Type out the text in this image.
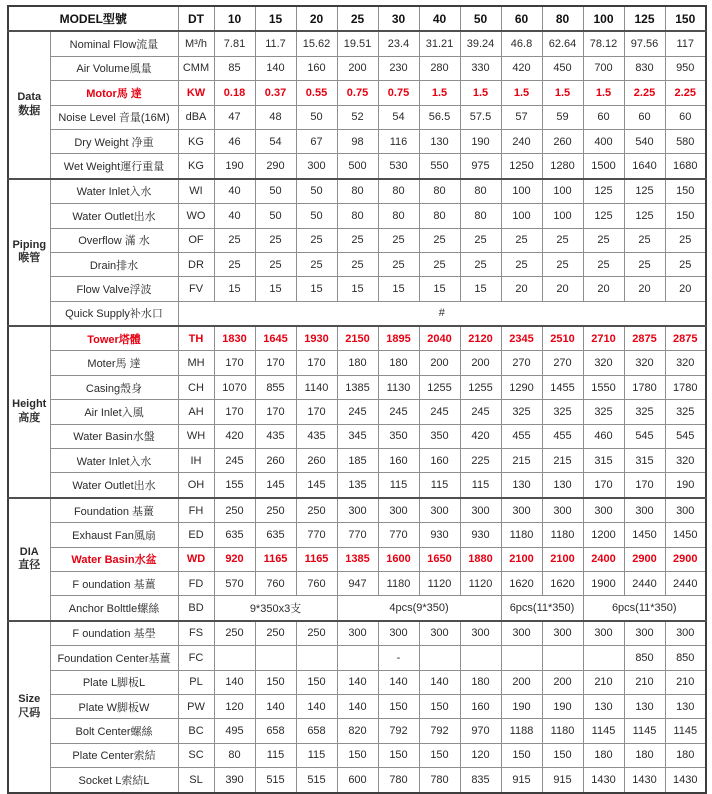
MODEL型號		DT	10	15	20	25	30	40	50	60	80	100	125	150

Data
数据	Nominal Flow流量	M³/h	7.81	11.7	15.62	19.51	23.4	31.21	39.24	46.8	62.64	78.12	97.56	117
	Air Volume風量	CMM	85	140	160	200	230	280	330	420	450	700	830	950
	Motor馬 達	KW	0.18	0.37	0.55	0.75	0.75	1.5	1.5	1.5	1.5	1.5	2.25	2.25
	Noise Level 音量(16M)	dBA	47	48	50	52	54	56.5	57.5	57	59	60	60	60
	Dry Weight 净重	KG	46	54	67	98	116	130	190	240	260	400	540	580
	Wet Weight運行重量	KG	190	290	300	500	530	550	975	1250	1280	1500	1640	1680

Piping
喉管	Water Inlet入水	WI	40	50	50	80	80	80	80	100	100	125	125	150
	Water Outlet出水	WO	40	50	50	80	80	80	80	100	100	125	125	150
	Overflow 滿 水	OF	25	25	25	25	25	25	25	25	25	25	25	25
	Drain排水	DR	25	25	25	25	25	25	25	25	25	25	25	25
	Flow Valve浮波	FV	15	15	15	15	15	15	15	20	20	20	20	20
	Quick Supply补水口	#												

Height
高度	Tower塔體	TH	1830	1645	1930	2150	1895	2040	2120	2345	2510	2710	2875	2875
	Moter馬 達	MH	170	170	170	180	180	200	200	270	270	320	320	320
	Casing殼身	CH	1070	855	1140	1385	1130	1255	1255	1290	1455	1550	1780	1780
	Air Inlet入風	AH	170	170	170	245	245	245	245	325	325	325	325	325
	Water Basin水盤	WH	420	435	435	345	350	350	420	455	455	460	545	545
	Water Inlet入水	IH	245	260	260	185	160	160	225	215	215	315	315	320
	Water Outlet出水	OH	155	145	145	135	115	115	115	130	130	170	170	190

DIA
直径	Foundation 基薑	FH	250	250	250	300	300	300	300	300	300	300	300	300
	Exhaust Fan風扇	ED	635	635	770	770	770	930	930	1180	1180	1200	1450	1450
	Water Basin水盆	WD	920	1165	1165	1385	1600	1650	1880	2100	2100	2400	2900	2900
	F oundation 基薑	FD	570	760	760	947	1180	1120	1120	1620	1620	1900	2440	2440
	Anchor Bolttle螺絲	BD	9*350x3支			4pcs(9*350)				6pcs(11*350)		6pcs(11*350)		

Size
尺码	F oundation 基壆	FS	250	250	250	300	300	300	300	300	300	300	300	300
	Foundation Center基薑	FC					-						850	850
	Plate L脚板L	PL	140	150	150	140	140	140	180	200	200	210	210	210
	Plate W脚板W	PW	120	140	140	140	150	150	160	190	190	130	130	130
	Bolt Center螺絲	BC	495	658	658	820	792	792	970	1188	1180	1145	1145	1145
	Plate Center索結	SC	80	115	115	150	150	150	120	150	150	180	180	180
	Socket L索結L	SL	390	515	515	600	780	780	835	915	915	1430	1430	1430
